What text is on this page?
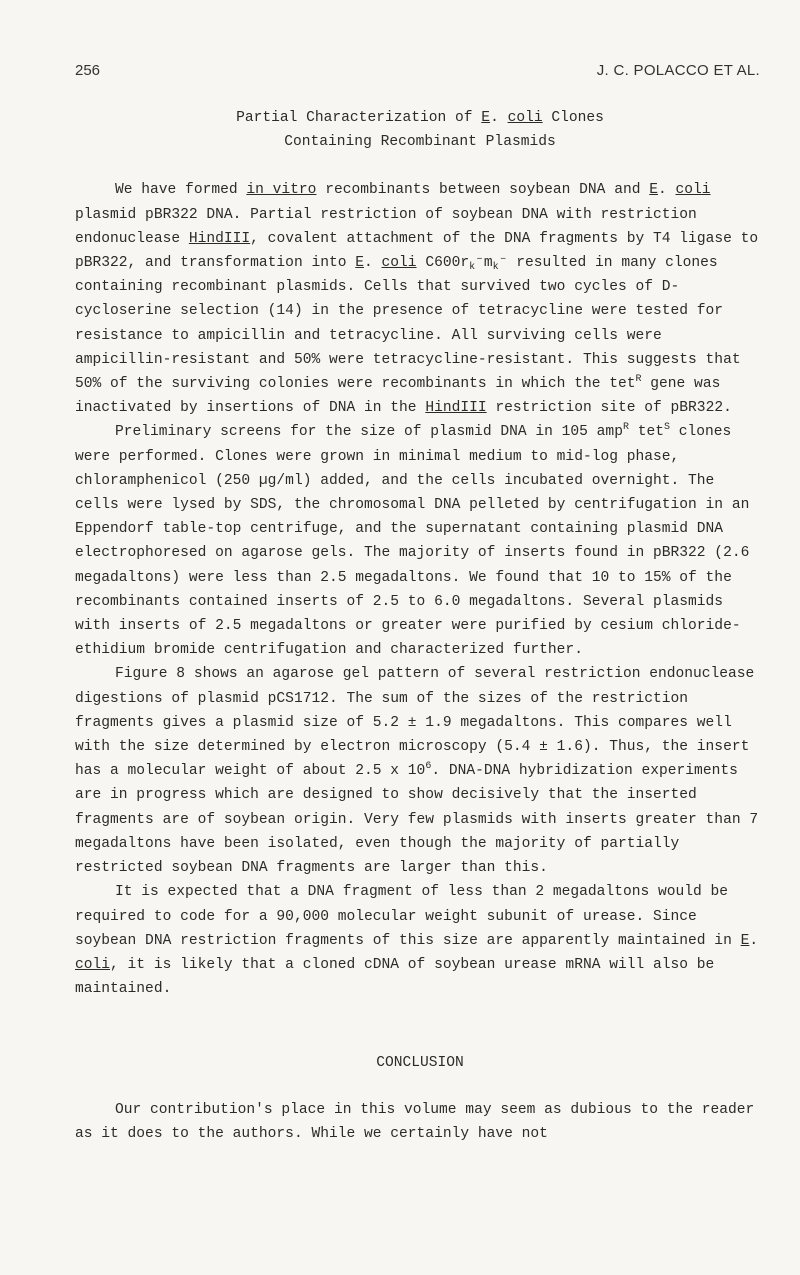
256	J. C. POLACCO ET AL.
Partial Characterization of E. coli Clones
Containing Recombinant Plasmids

We have formed in vitro recombinants between soybean DNA and E. coli plasmid pBR322 DNA. Partial restriction of soybean DNA with restriction endonuclease HindIII, covalent attachment of the DNA fragments by T4 ligase to pBR322, and transformation into E. coli $C600r_k^-m_k^-$ resulted in many clones containing recombinant plasmids. Cells that survived two cycles of D-cycloserine selection (14) in the presence of tetracycline were tested for resistance to ampicillin and tetracycline. All surviving cells were ampicillin-resistant and 50% were tetracycline-resistant. This suggests that 50% of the surviving colonies were recombinants in which the tet$^R$ gene was inactivated by insertions of DNA in the HindIII restriction site of pBR322.

Preliminary screens for the size of plasmid DNA in 105 amp$^R$ tet$^S$ clones were performed. Clones were grown in minimal medium to mid-log phase, chloramphenicol (250 µg/ml) added, and the cells incubated overnight. The cells were lysed by SDS, the chromosomal DNA pelleted by centrifugation in an Eppendorf table-top centrifuge, and the supernatant containing plasmid DNA electrophoresed on agarose gels. The majority of inserts found in pBR322 (2.6 megadaltons) were less than 2.5 megadaltons. We found that 10 to 15% of the recombinants contained inserts of 2.5 to 6.0 megadaltons. Several plasmids with inserts of 2.5 megadaltons or greater were purified by cesium chloride-ethidium bromide centrifugation and characterized further.

Figure 8 shows an agarose gel pattern of several restriction endonuclease digestions of plasmid pCS1712. The sum of the sizes of the restriction fragments gives a plasmid size of 5.2 ± 1.9 megadaltons. This compares well with the size determined by electron microscopy (5.4 ± 1.6). Thus, the insert has a molecular weight of about 2.5 x $10^6$. DNA-DNA hybridization experiments are in progress which are designed to show decisively that the inserted fragments are of soybean origin. Very few plasmids with inserts greater than 7 megadaltons have been isolated, even though the majority of partially restricted soybean DNA fragments are larger than this.

It is expected that a DNA fragment of less than 2 megadaltons would be required to code for a 90,000 molecular weight subunit of urease. Since soybean DNA restriction fragments of this size are apparently maintained in E. coli, it is likely that a cloned cDNA of soybean urease mRNA will also be maintained.

CONCLUSION

Our contribution's place in this volume may seem as dubious to the reader as it does to the authors. While we certainly have not
